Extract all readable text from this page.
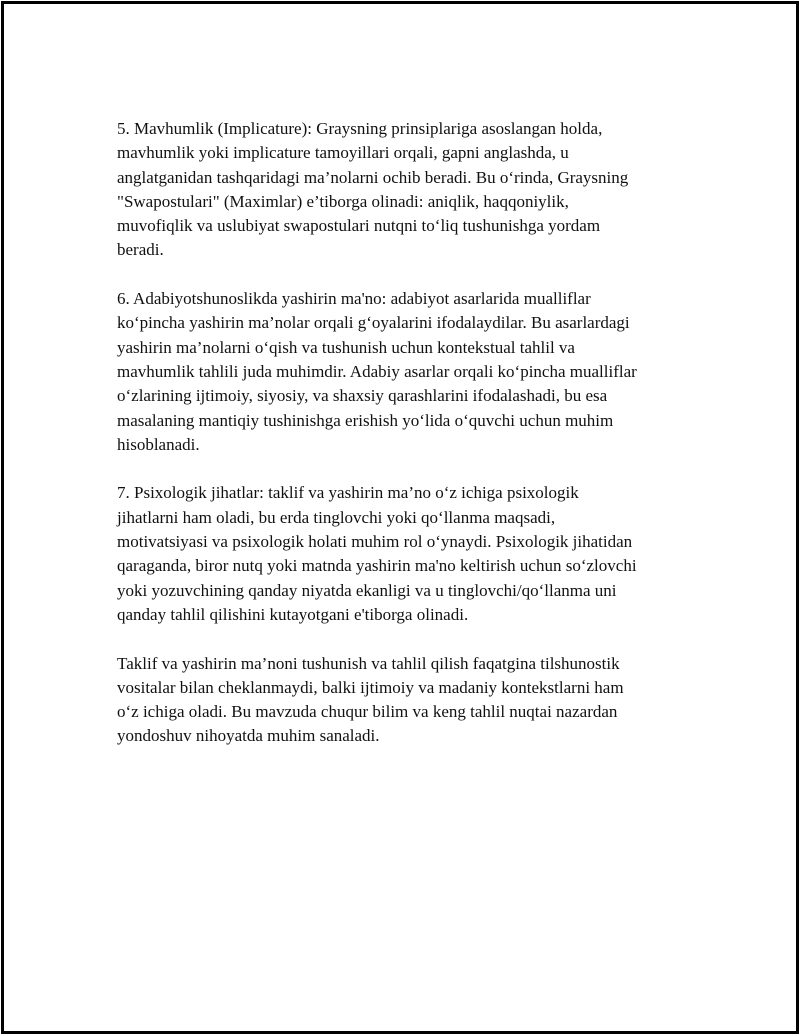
5. Mavhumlik (Implicature): Graysning prinsiplariga asoslangan holda,
mavhumlik yoki implicature tamoyillari orqali, gapni anglashda, u
anglatganidan tashqaridagi ma’nolarni ochib beradi. Bu o‘rinda, Graysning
"Swapostulari" (Maximlar) e’tiborga olinadi: aniqlik, haqqoniylik,
muvofiqlik va uslubiyat swapostulari nutqni to‘liq tushunishga yordam
beradi.

6. Adabiyotshunoslikda yashirin ma'no: adabiyot asarlarida mualliflar
ko‘pincha yashirin ma’nolar orqali g‘oyalarini ifodalaydilar. Bu asarlardagi
yashirin ma’nolarni o‘qish va tushunish uchun kontekstual tahlil va
mavhumlik tahlili juda muhimdir. Adabiy asarlar orqali ko‘pincha mualliflar
o‘zlarining ijtimoiy, siyosiy, va shaxsiy qarashlarini ifodalashadi, bu esa
masalaning mantiqiy tushinishga erishish yo‘lida o‘quvchi uchun muhim
hisoblanadi.

7. Psixologik jihatlar: taklif va yashirin ma’no o‘z ichiga psixologik
jihatlarni ham oladi, bu erda tinglovchi yoki qo‘llanma maqsadi,
motivatsiyasi va psixologik holati muhim rol o‘ynaydi. Psixologik jihatidan
qaraganda, biror nutq yoki matnda yashirin ma'no keltirish uchun so‘zlovchi
yoki yozuvchining qanday niyatda ekanligi va u tinglovchi/qo‘llanma uni
qanday tahlil qilishini kutayotgani e'tiborga olinadi.

Taklif va yashirin ma’noni tushunish va tahlil qilish faqatgina tilshunostik
vositalar bilan cheklanmaydi, balki ijtimoiy va madaniy kontekstlarni ham
o‘z ichiga oladi. Bu mavzuda chuqur bilim va keng tahlil nuqtai nazardan
yondoshuv nihoyatda muhim sanaladi.
